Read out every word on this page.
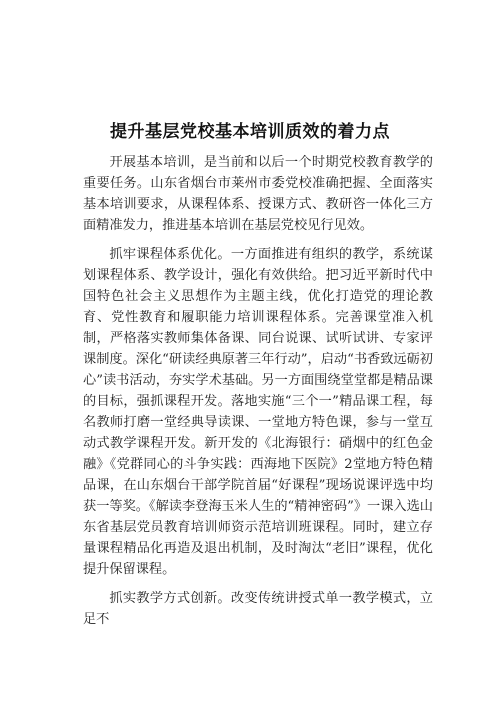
提升基层党校基本培训质效的着力点

开展基本培训，是当前和以后一个时期党校教育教学的重要任务。山东省烟台市莱州市委党校准确把握、全面落实基本培训要求，从课程体系、授课方式、教研咨一体化三方面精准发力，推进基本培训在基层党校见行见效。

抓牢课程体系优化。一方面推进有组织的教学，系统谋划课程体系、教学设计，强化有效供给。把习近平新时代中国特色社会主义思想作为主题主线，优化打造党的理论教育、党性教育和履职能力培训课程体系。完善课堂准入机制，严格落实教师集体备课、同台说课、试听试讲、专家评课制度。深化“研读经典原著三年行动”，启动“书香致远砺初心”读书活动，夯实学术基础。另一方面围绕堂堂都是精品课的目标，强抓课程开发。落地实施“三个一”精品课工程，每名教师打磨一堂经典导读课、一堂地方特色课，参与一堂互动式教学课程开发。新开发的《北海银行：硝烟中的红色金融》《党群同心的斗争实践：西海地下医院》2堂地方特色精品课，在山东烟台干部学院首届“好课程”现场说课评选中均获一等奖。《解读李登海玉米人生的“精神密码”》一课入选山东省基层党员教育培训师资示范培训班课程。同时，建立存量课程精品化再造及退出机制，及时淘汰“老旧”课程，优化提升保留课程。

抓实教学方式创新。改变传统讲授式单一教学模式，立足不
